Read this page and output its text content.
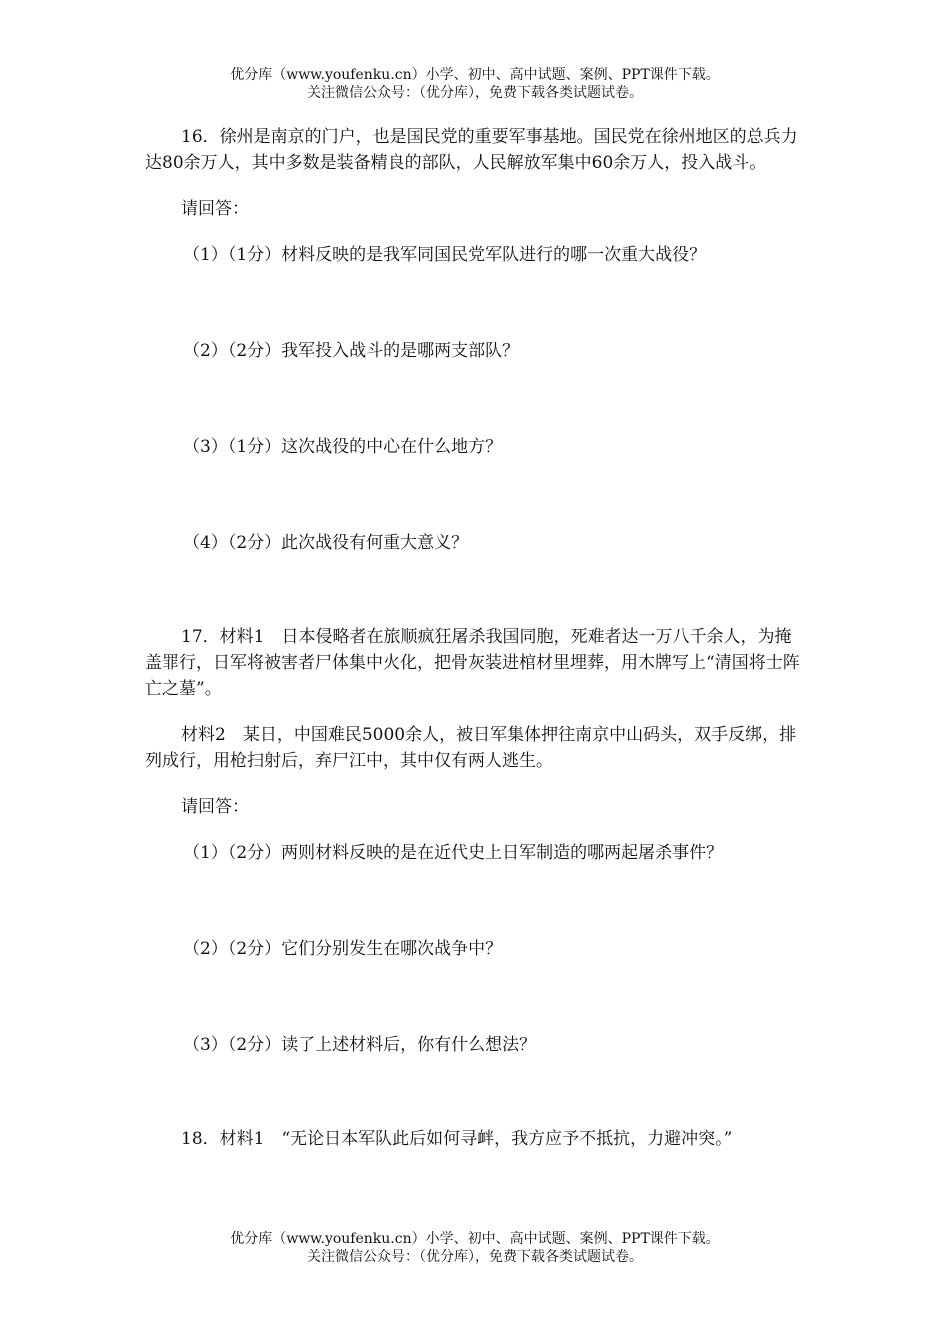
优分库（www.youfenku.cn）小学、初中、高中试题、案例、PPT课件下载。
关注微信公众号：（优分库），免费下载各类试题试卷。

16．徐州是南京的门户，也是国民党的重要军事基地。国民党在徐州地区的总兵力达80余万人，其中多数是装备精良的部队，人民解放军集中60余万人，投入战斗。

请回答：

（1）（1分）材料反映的是我军同国民党军队进行的哪一次重大战役？

（2）（2分）我军投入战斗的是哪两支部队？

（3）（1分）这次战役的中心在什么地方？

（4）（2分）此次战役有何重大意义？

17．材料1　日本侵略者在旅顺疯狂屠杀我国同胞，死难者达一万八千余人，为掩盖罪行，日军将被害者尸体集中火化，把骨灰装进棺材里埋葬，用木牌写上“清国将士阵亡之墓”。

材料2　某日，中国难民5000余人，被日军集体押往南京中山码头，双手反绑，排列成行，用枪扫射后，弃尸江中，其中仅有两人逃生。

请回答：

（1）（2分）两则材料反映的是在近代史上日军制造的哪两起屠杀事件？

（2）（2分）它们分别发生在哪次战争中？

（3）（2分）读了上述材料后，你有什么想法？

18．材料1　“无论日本军队此后如何寻衅，我方应予不抵抗，力避冲突。”

优分库（www.youfenku.cn）小学、初中、高中试题、案例、PPT课件下载。
关注微信公众号：（优分库），免费下载各类试题试卷。
